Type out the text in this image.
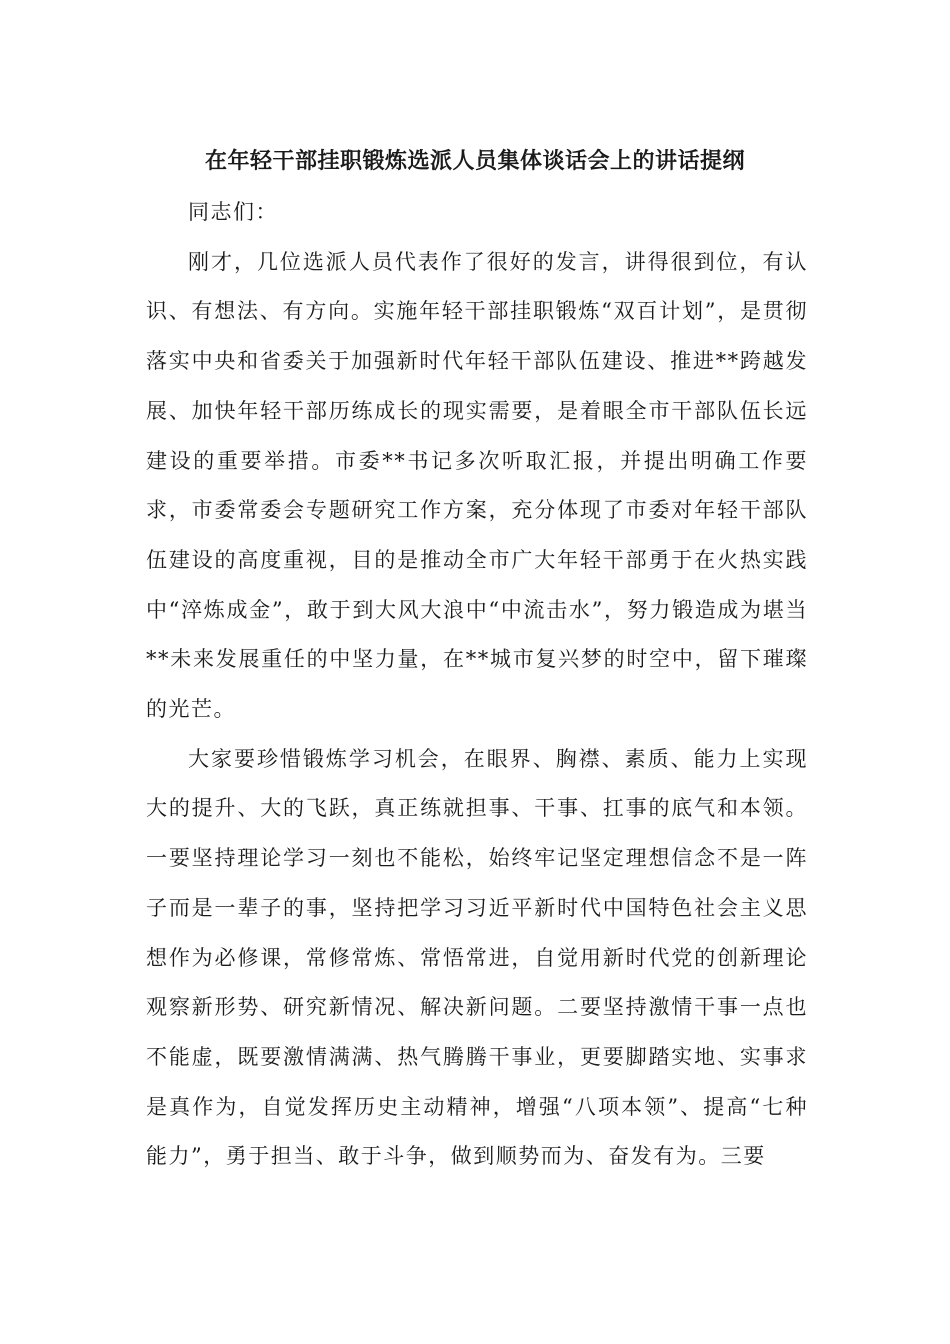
在年轻干部挂职锻炼选派人员集体谈话会上的讲话提纲

同志们：

刚才，几位选派人员代表作了很好的发言，讲得很到位，有认识、有想法、有方向。实施年轻干部挂职锻炼“双百计划”，是贯彻落实中央和省委关于加强新时代年轻干部队伍建设、推进**跨越发展、加快年轻干部历练成长的现实需要，是着眼全市干部队伍长远建设的重要举措。市委**书记多次听取汇报，并提出明确工作要求，市委常委会专题研究工作方案，充分体现了市委对年轻干部队伍建设的高度重视，目的是推动全市广大年轻干部勇于在火热实践中“淬炼成金”，敢于到大风大浪中“中流击水”，努力锻造成为堪当**未来发展重任的中坚力量，在**城市复兴梦的时空中，留下璀璨的光芒。

大家要珍惜锻炼学习机会，在眼界、胸襟、素质、能力上实现大的提升、大的飞跃，真正练就担事、干事、扛事的底气和本领。一要坚持理论学习一刻也不能松，始终牢记坚定理想信念不是一阵子而是一辈子的事，坚持把学习习近平新时代中国特色社会主义思想作为必修课，常修常炼、常悟常进，自觉用新时代党的创新理论观察新形势、研究新情况、解决新问题。二要坚持激情干事一点也不能虚，既要激情满满、热气腾腾干事业，更要脚踏实地、实事求是真作为，自觉发挥历史主动精神，增强“八项本领”、提高“七种能力”，勇于担当、敢于斗争，做到顺势而为、奋发有为。三要
